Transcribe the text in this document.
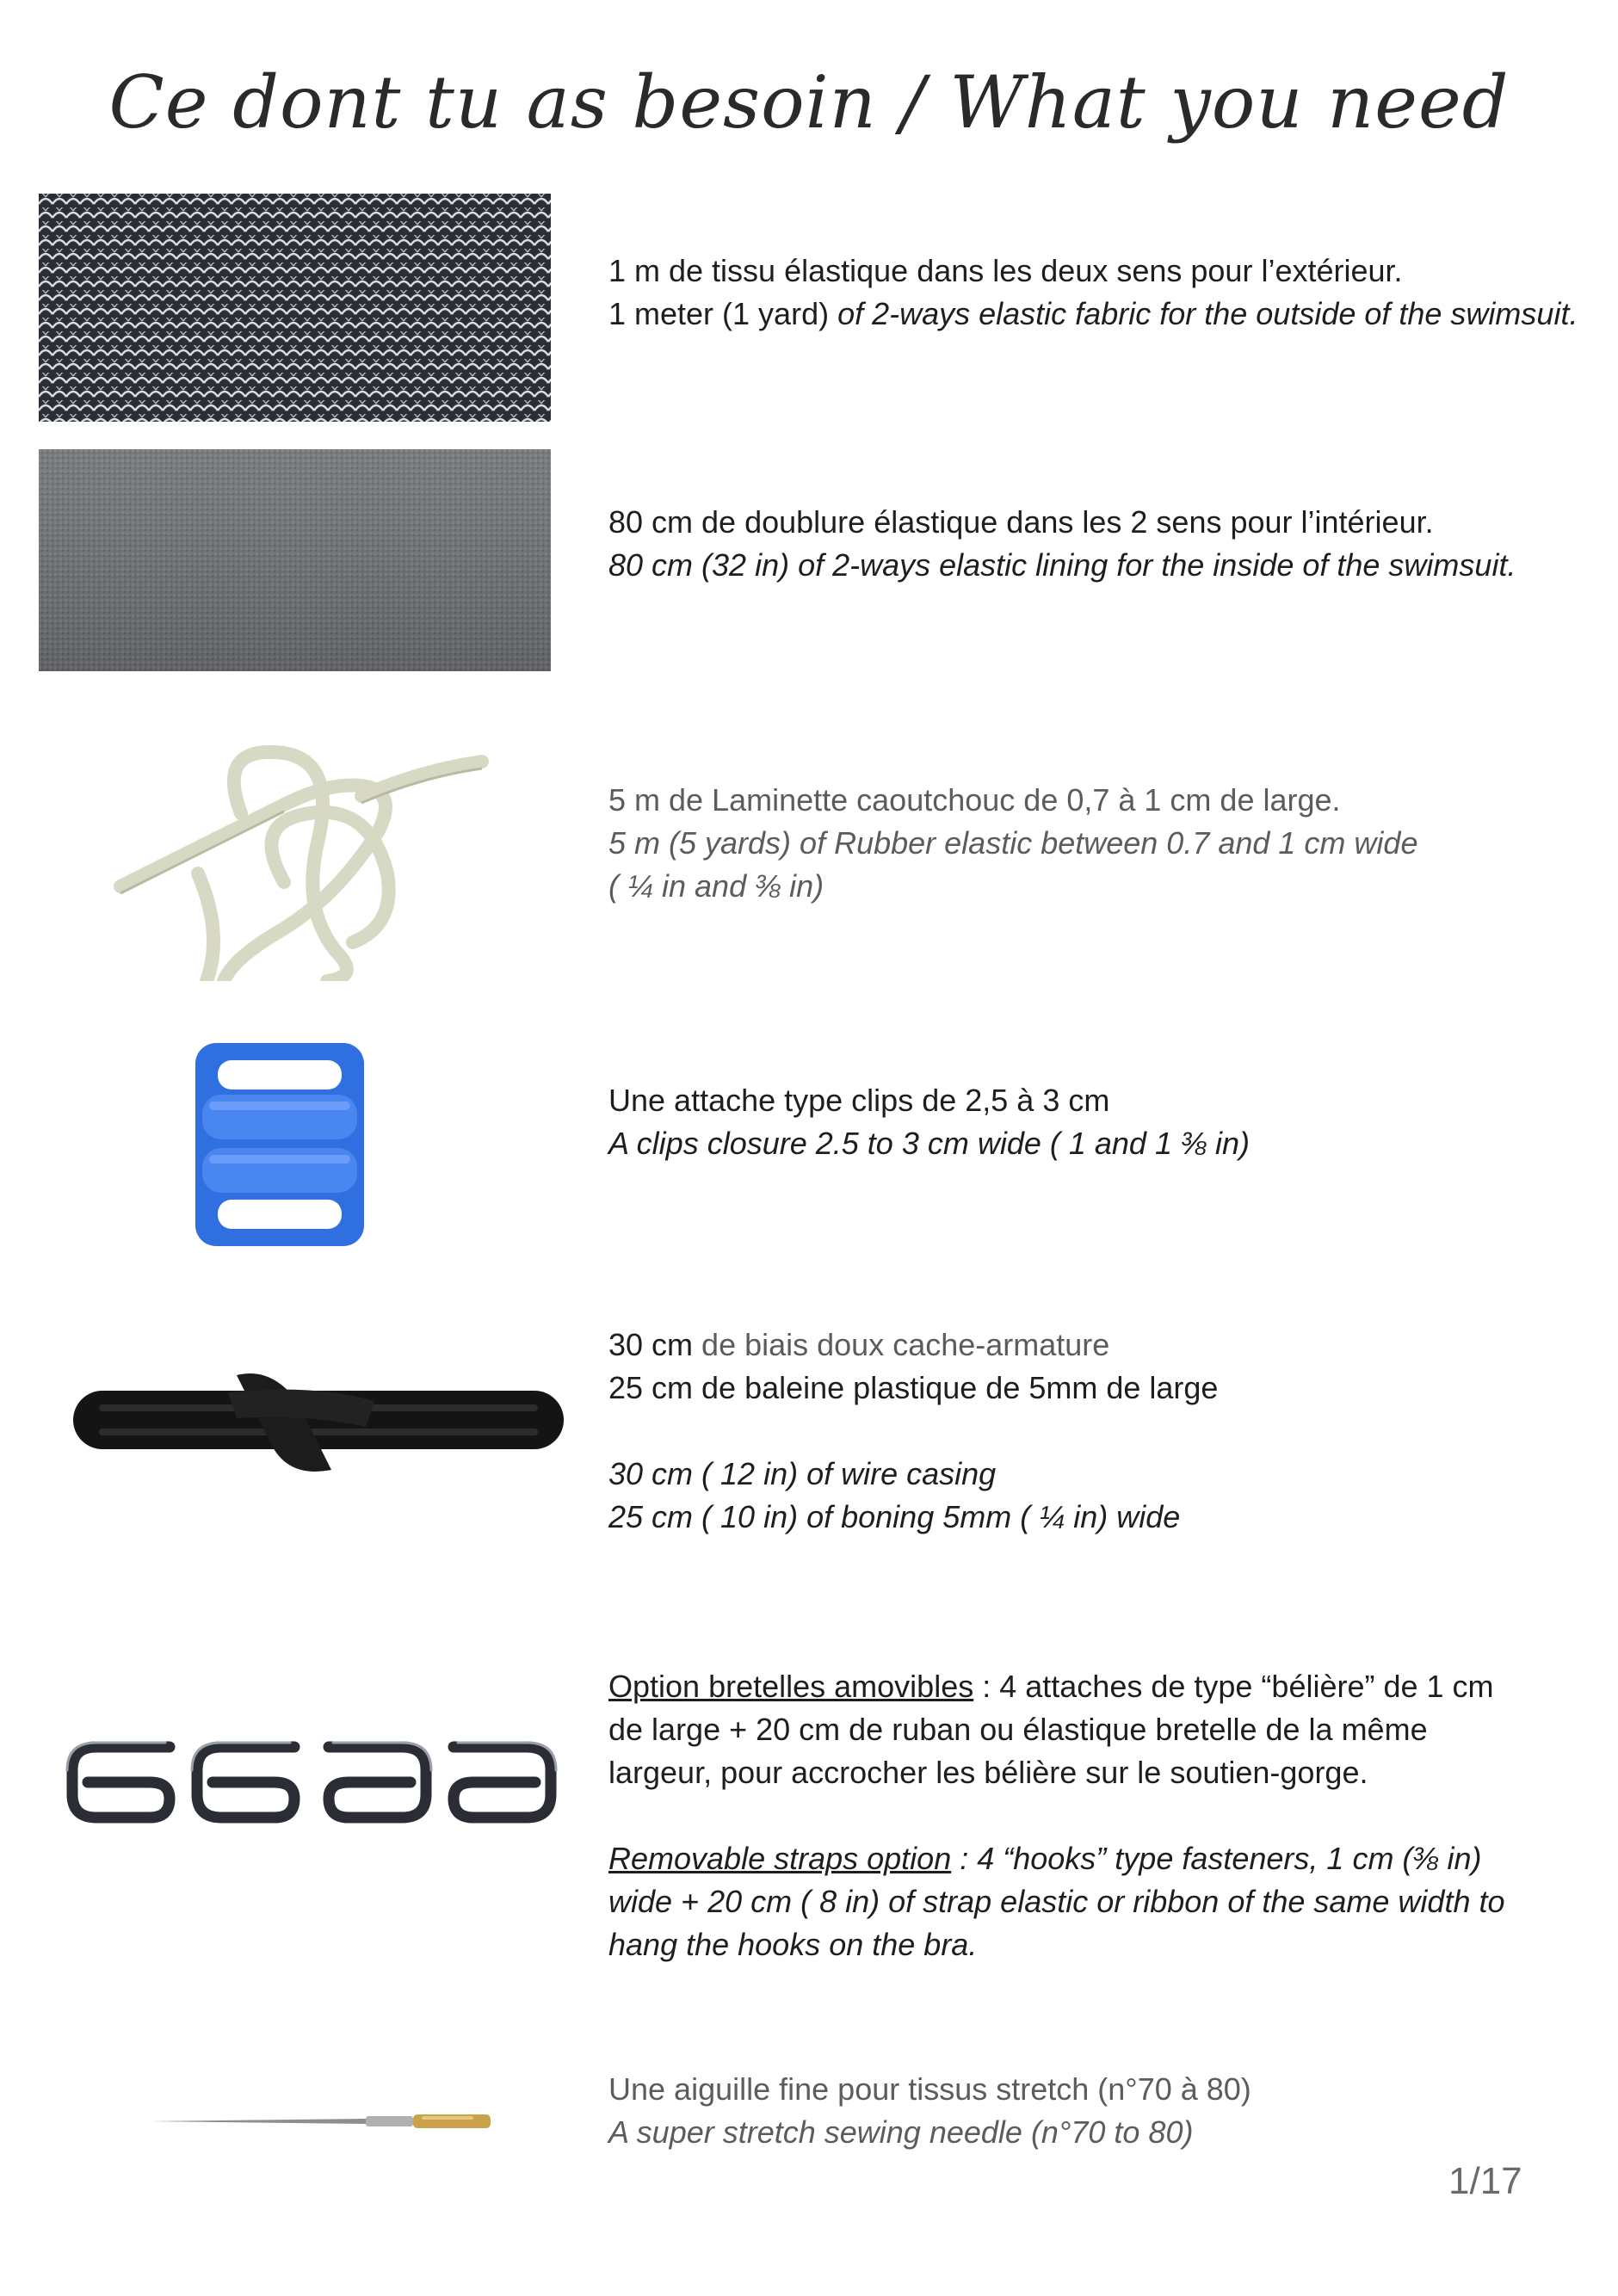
Ce dont tu as besoin / What you need
1 m de tissu élastique dans les deux sens pour l’extérieur.
1 meter (1 yard) of 2-ways elastic fabric for the outside of the swimsuit.
80 cm de doublure élastique dans les 2 sens pour l’intérieur.
80 cm (32 in) of 2-ways elastic lining for the inside of the swimsuit.
5 m de Laminette caoutchouc de 0,7 à 1 cm de large.
5 m (5 yards) of Rubber elastic between 0.7 and 1 cm wide
( ¼ in and ⅜ in)
Une attache type clips de 2,5 à 3 cm
A clips closure 2.5 to 3 cm wide ( 1 and 1 ⅜ in)
30 cm de biais doux cache-armature
25 cm de baleine plastique de 5mm de large
30 cm ( 12 in) of wire casing
25 cm ( 10 in) of boning 5mm ( ¼ in) wide
Option bretelles amovibles : 4 attaches de type “bélière” de 1 cm de large + 20 cm de ruban ou élastique bretelle de la même largeur, pour accrocher les bélière sur le soutien-gorge.
Removable straps option : 4 “hooks” type fasteners, 1 cm (⅜ in) wide + 20 cm ( 8 in) of strap elastic or ribbon of the same width to hang the hooks on the bra.
Une aiguille fine pour tissus stretch (n°70 à 80)
A super stretch sewing needle (n°70 to 80)
1/17
